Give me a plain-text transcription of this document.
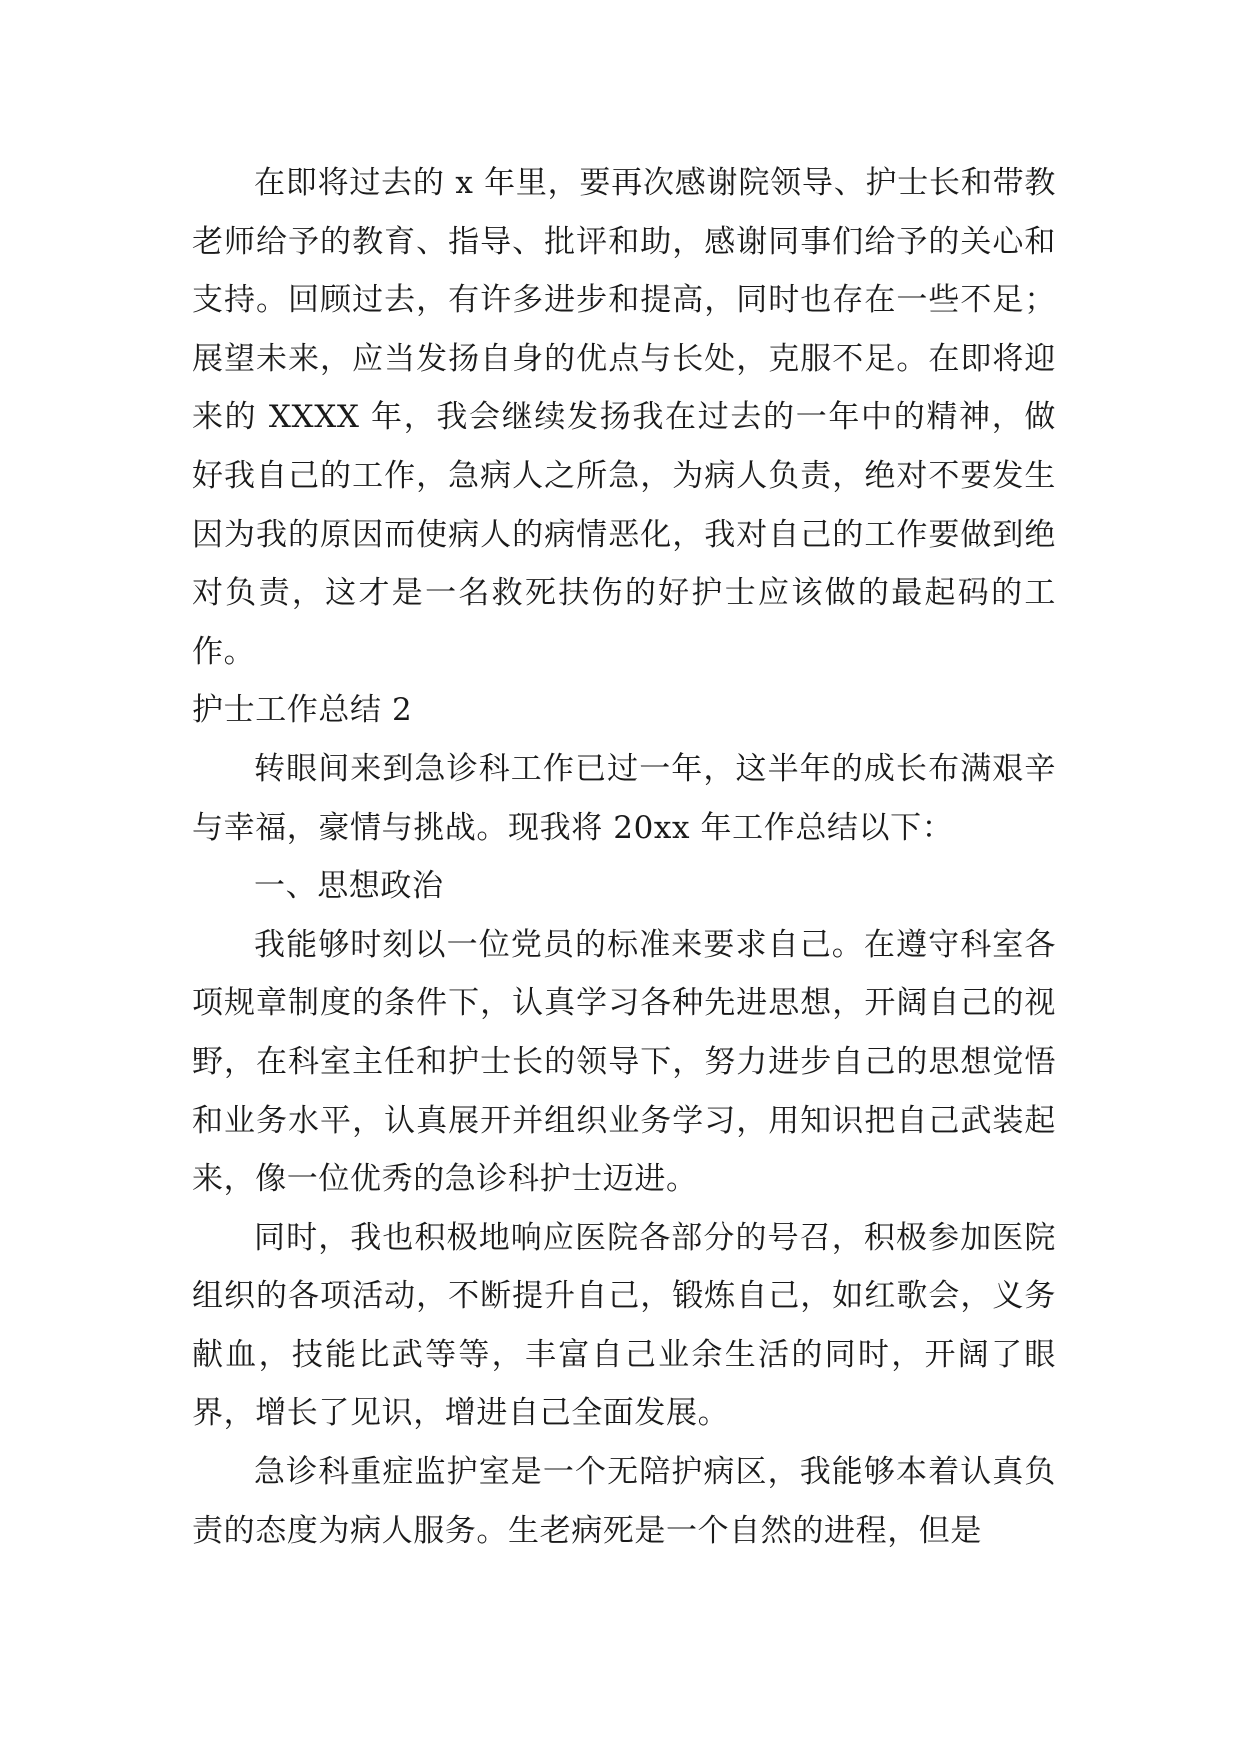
在即将过去的 x 年里，要再次感谢院领导、护士长和带教老师给予的教育、指导、批评和助，感谢同事们给予的关心和支持。回顾过去，有许多进步和提高，同时也存在一些不足；展望未来，应当发扬自身的优点与长处，克服不足。在即将迎来的 XXXX 年，我会继续发扬我在过去的一年中的精神，做好我自己的工作，急病人之所急，为病人负责，绝对不要发生因为我的原因而使病人的病情恶化，我对自己的工作要做到绝对负责，这才是一名救死扶伤的好护士应该做的最起码的工作。

护士工作总结 2

转眼间来到急诊科工作已过一年，这半年的成长布满艰辛与幸福，豪情与挑战。现我将 20xx 年工作总结以下：

一、思想政治

我能够时刻以一位党员的标准来要求自己。在遵守科室各项规章制度的条件下，认真学习各种先进思想，开阔自己的视野，在科室主任和护士长的领导下，努力进步自己的思想觉悟和业务水平，认真展开并组织业务学习，用知识把自己武装起来，像一位优秀的急诊科护士迈进。

同时，我也积极地响应医院各部分的号召，积极参加医院组织的各项活动，不断提升自己，锻炼自己，如红歌会，义务献血，技能比武等等，丰富自己业余生活的同时，开阔了眼界，增长了见识，增进自己全面发展。

急诊科重症监护室是一个无陪护病区，我能够本着认真负责的态度为病人服务。生老病死是一个自然的进程，但是
